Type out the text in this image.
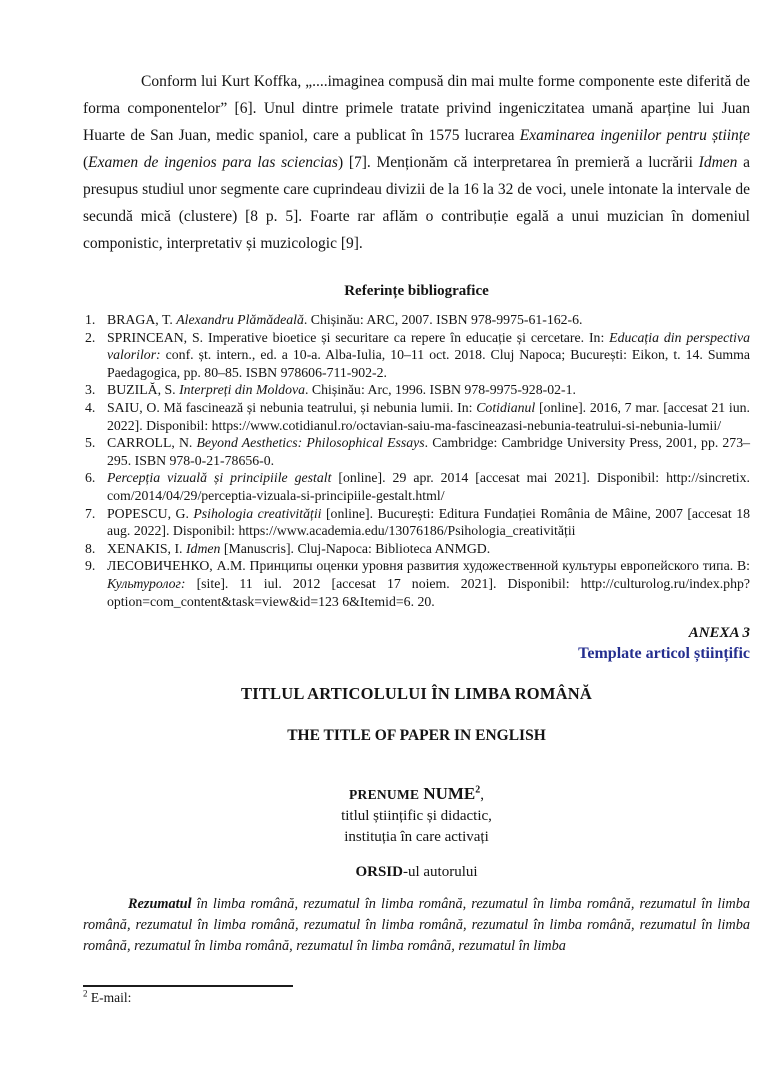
Conform lui Kurt Koffka, „....imaginea compusă din mai multe forme componente este diferită de forma componentelor” [6]. Unul dintre primele tratate privind ingeniczitatea umană aparține lui Juan Huarte de San Juan, medic spaniol, care a publicat în 1575 lucrarea Examinarea ingeniilor pentru științe (Examen de ingenios para las sciencias) [7]. Menționăm că interpretarea în premieră a lucrării Idmen a presupus studiul unor segmente care cuprindeau divizii de la 16 la 32 de voci, unele intonate la intervale de secundă mică (clustere) [8 p. 5]. Foarte rar aflăm o contribuție egală a unui muzician în domeniul componistic, interpretativ și muzicologic [9].

Referințe bibliografice
1. BRAGA, T. Alexandru Plămădeală. Chișinău: ARC, 2007. ISBN 978-9975-61-162-6.
2. SPRINCEAN, S. Imperative bioetice și securitare ca repere în educație și cercetare. In: Educația din perspectiva valorilor: conf. șt. intern., ed. a 10-a. Alba-Iulia, 10–11 oct. 2018. Cluj Napoca; București: Eikon, t. 14. Summa Paedagogica, pp. 80–85. ISBN 978606-711-902-2.
3. BUZILĂ, S. Interpreți din Moldova. Chișinău: Arc, 1996. ISBN 978-9975-928-02-1.
4. SAIU, O. Mă fascinează și nebunia teatrului, și nebunia lumii. In: Cotidianul [online]. 2016, 7 mar. [accesat 21 iun. 2022]. Disponibil: https://www.cotidianul.ro/octavian-saiu-ma-fascineazasi-nebunia-teatrului-si-nebunia-lumii/
5. CARROLL, N. Beyond Aesthetics: Philosophical Essays. Cambridge: Cambridge University Press, 2001, pp. 273–295. ISBN 978-0-21-78656-0.
6. Percepția vizuală și principiile gestalt [online]. 29 apr. 2014 [accesat mai 2021]. Disponibil: http://sincretix. com/2014/04/29/perceptia-vizuala-si-principiile-gestalt.html/
7. POPESCU, G. Psihologia creativității [online]. București: Editura Fundației România de Mâine, 2007 [accesat 18 aug. 2022]. Disponibil: https://www.academia.edu/13076186/Psihologia_creativității
8. XENAKIS, I. Idmen [Manuscris]. Cluj-Napoca: Biblioteca ANMGD.
9. ЛЕСОВИЧЕНКО, А.М. Принципы оценки уровня развития художественной культуры европейского типа. В: Культуролог: [site]. 11 iul. 2012 [accesat 17 noiem. 2021]. Disponibil: http://culturolog.ru/index.php?option=com_content&task=view&id=123 6&Itemid=6. 20.

ANEXA 3

Template articol științific

TITLUL ARTICOLULUI ÎN LIMBA ROMÂNĂ
THE TITLE OF PAPER IN ENGLISH
PRENUME NUME$^2$,
titlul științific și didactic,
instituția în care activați

ORSID-ul autorului

Rezumatul în limba română, rezumatul în limba română, rezumatul în limba română, rezumatul în limba română, rezumatul în limba română, rezumatul în limba română, rezumatul în limba română, rezumatul în limba română, rezumatul în limba română, rezumatul în limba română, rezumatul în limba

$^2$ E-mail:
